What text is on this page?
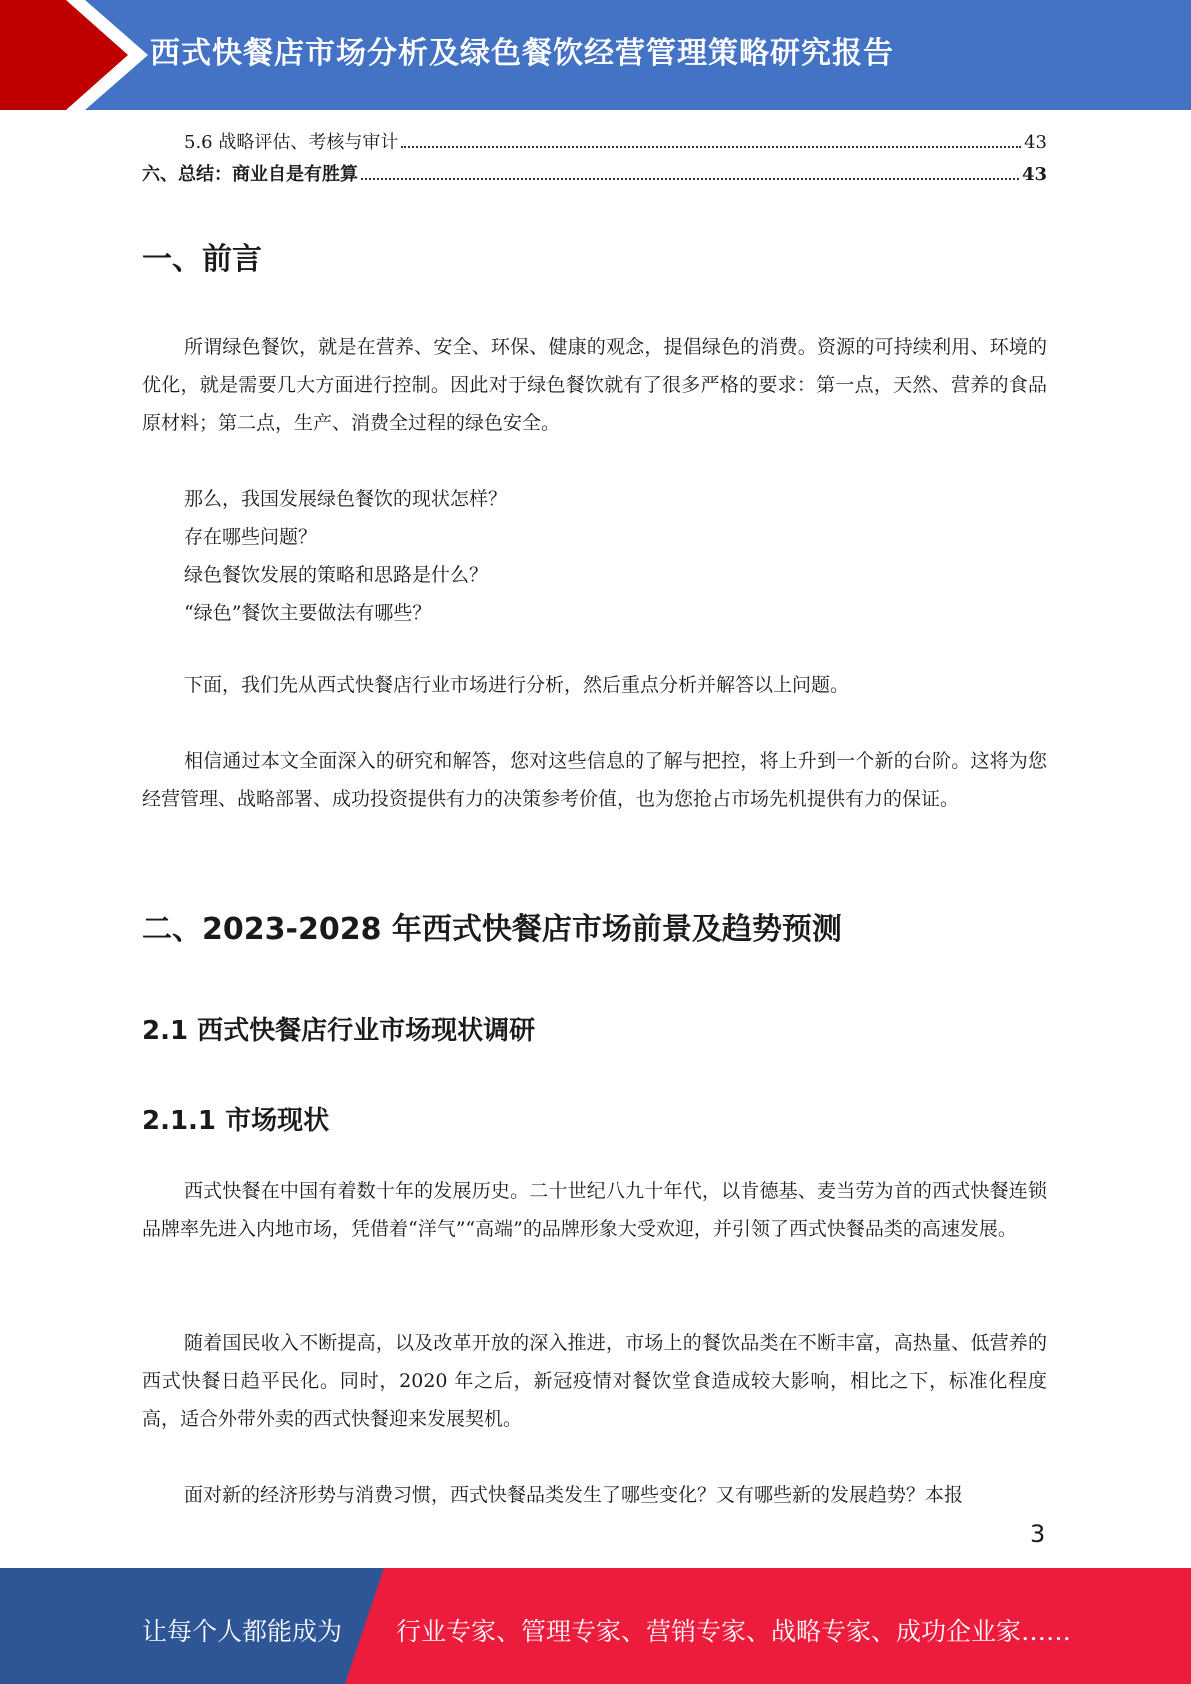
西式快餐店市场分析及绿色餐饮经营管理策略研究报告
5.6 战略评估、考核与审计	43
六、总结：商业自是有胜算	43
一、前言

所谓绿色餐饮，就是在营养、安全、环保、健康的观念，提倡绿色的消费。资源的可持续利用、环境的优化，就是需要几大方面进行控制。因此对于绿色餐饮就有了很多严格的要求：第一点，天然、营养的食品原材料；第二点，生产、消费全过程的绿色安全。

那么，我国发展绿色餐饮的现状怎样？

存在哪些问题？

绿色餐饮发展的策略和思路是什么？

“绿色”餐饮主要做法有哪些？

下面，我们先从西式快餐店行业市场进行分析，然后重点分析并解答以上问题。

相信通过本文全面深入的研究和解答，您对这些信息的了解与把控，将上升到一个新的台阶。这将为您经营管理、战略部署、成功投资提供有力的决策参考价值，也为您抢占市场先机提供有力的保证。

二、2023-2028 年西式快餐店市场前景及趋势预测
2.1 西式快餐店行业市场现状调研
2.1.1 市场现状

西式快餐在中国有着数十年的发展历史。二十世纪八九十年代，以肯德基、麦当劳为首的西式快餐连锁品牌率先进入内地市场，凭借着“洋气”“高端”的品牌形象大受欢迎，并引领了西式快餐品类的高速发展。

随着国民收入不断提高，以及改革开放的深入推进，市场上的餐饮品类在不断丰富，高热量、低营养的西式快餐日趋平民化。同时，2020 年之后，新冠疫情对餐饮堂食造成较大影响，相比之下，标准化程度高，适合外带外卖的西式快餐迎来发展契机。

面对新的经济形势与消费习惯，西式快餐品类发生了哪些变化？又有哪些新的发展趋势？本报

3
让每个人都能成为 行业专家、管理专家、营销专家、战略专家、成功企业家……
